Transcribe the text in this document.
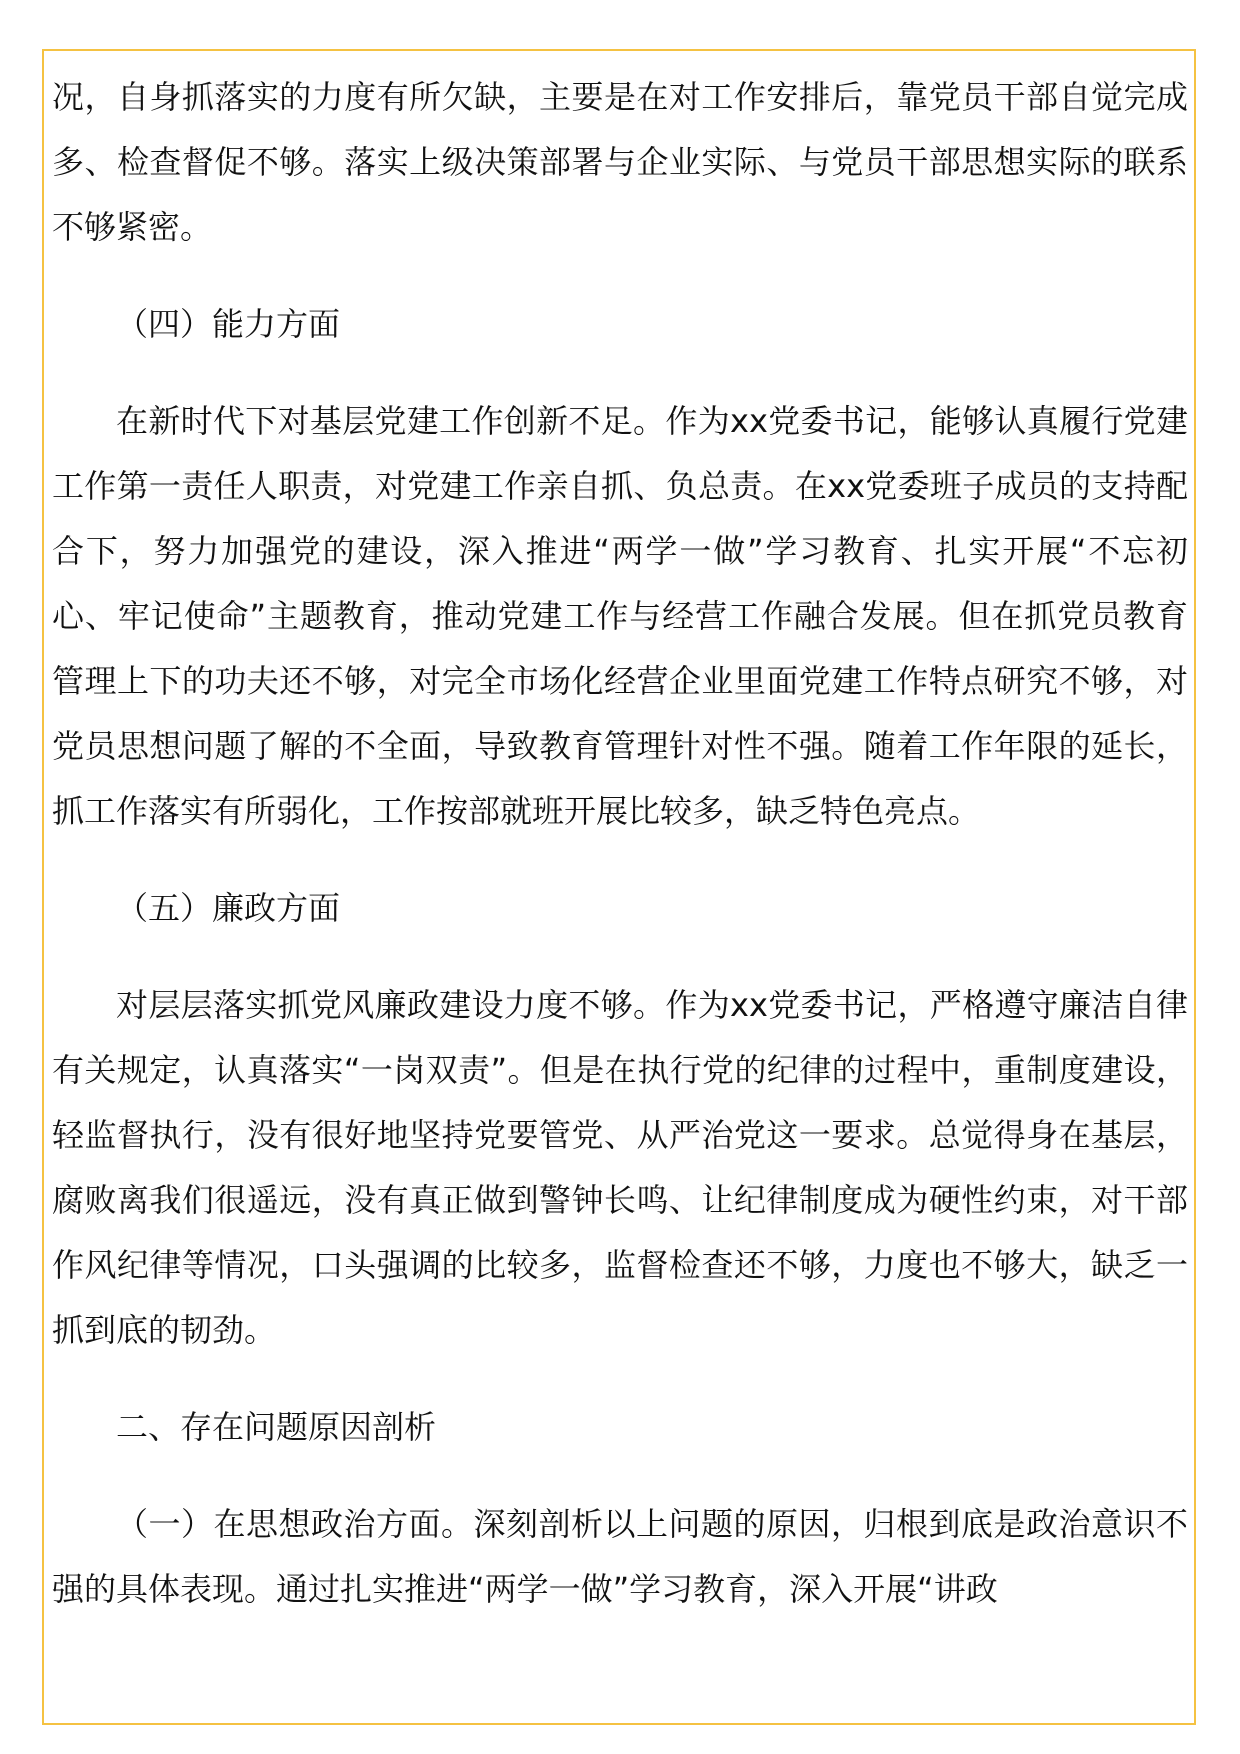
况，自身抓落实的力度有所欠缺，主要是在对工作安排后，靠党员干部自觉完成多、检查督促不够。落实上级决策部署与企业实际、与党员干部思想实际的联系不够紧密。

（四）能力方面

在新时代下对基层党建工作创新不足。作为xx党委书记，能够认真履行党建工作第一责任人职责，对党建工作亲自抓、负总责。在xx党委班子成员的支持配合下，努力加强党的建设，深入推进“两学一做”学习教育、扎实开展“不忘初心、牢记使命”主题教育，推动党建工作与经营工作融合发展。但在抓党员教育管理上下的功夫还不够，对完全市场化经营企业里面党建工作特点研究不够，对党员思想问题了解的不全面，导致教育管理针对性不强。随着工作年限的延长，抓工作落实有所弱化，工作按部就班开展比较多，缺乏特色亮点。

（五）廉政方面

对层层落实抓党风廉政建设力度不够。作为xx党委书记，严格遵守廉洁自律有关规定，认真落实“一岗双责”。但是在执行党的纪律的过程中，重制度建设，轻监督执行，没有很好地坚持党要管党、从严治党这一要求。总觉得身在基层，腐败离我们很遥远，没有真正做到警钟长鸣、让纪律制度成为硬性约束，对干部作风纪律等情况，口头强调的比较多，监督检查还不够，力度也不够大，缺乏一抓到底的韧劲。

二、存在问题原因剖析

（一）在思想政治方面。深刻剖析以上问题的原因，归根到底是政治意识不强的具体表现。通过扎实推进“两学一做”学习教育，深入开展“讲政
